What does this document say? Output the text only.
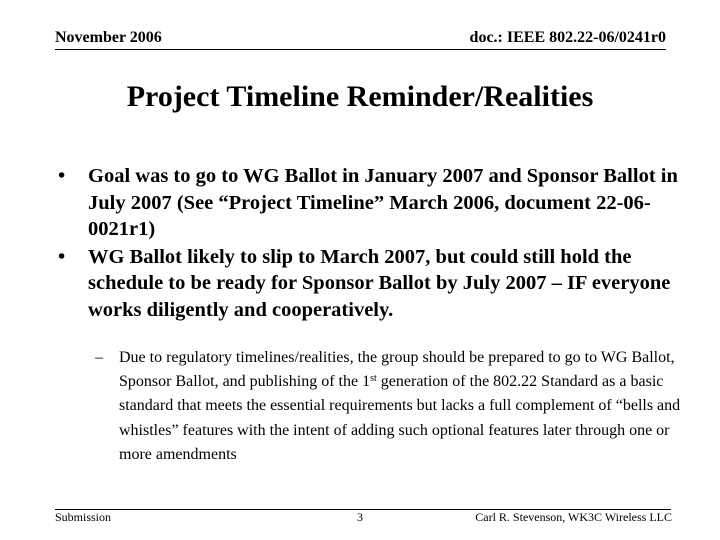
November 2006	doc.: IEEE 802.22-06/0241r0
Project Timeline Reminder/Realities
• Goal was to go to WG Ballot in January 2007 and Sponsor Ballot in July 2007 (See “Project Timeline” March 2006, document 22-06-0021r1)
• WG Ballot likely to slip to March 2007, but could still hold the schedule to be ready for Sponsor Ballot by July 2007 – IF everyone works diligently and cooperatively.
–	Due to regulatory timelines/realities, the group should be prepared to go to WG Ballot, Sponsor Ballot, and publishing of the 1st generation of the 802.22 Standard as a basic standard that meets the essential requirements but lacks a full complement of “bells and whistles” features with the intent of adding such optional features later through one or more amendments
Submission	3	Carl R. Stevenson, WK3C Wireless LLC
